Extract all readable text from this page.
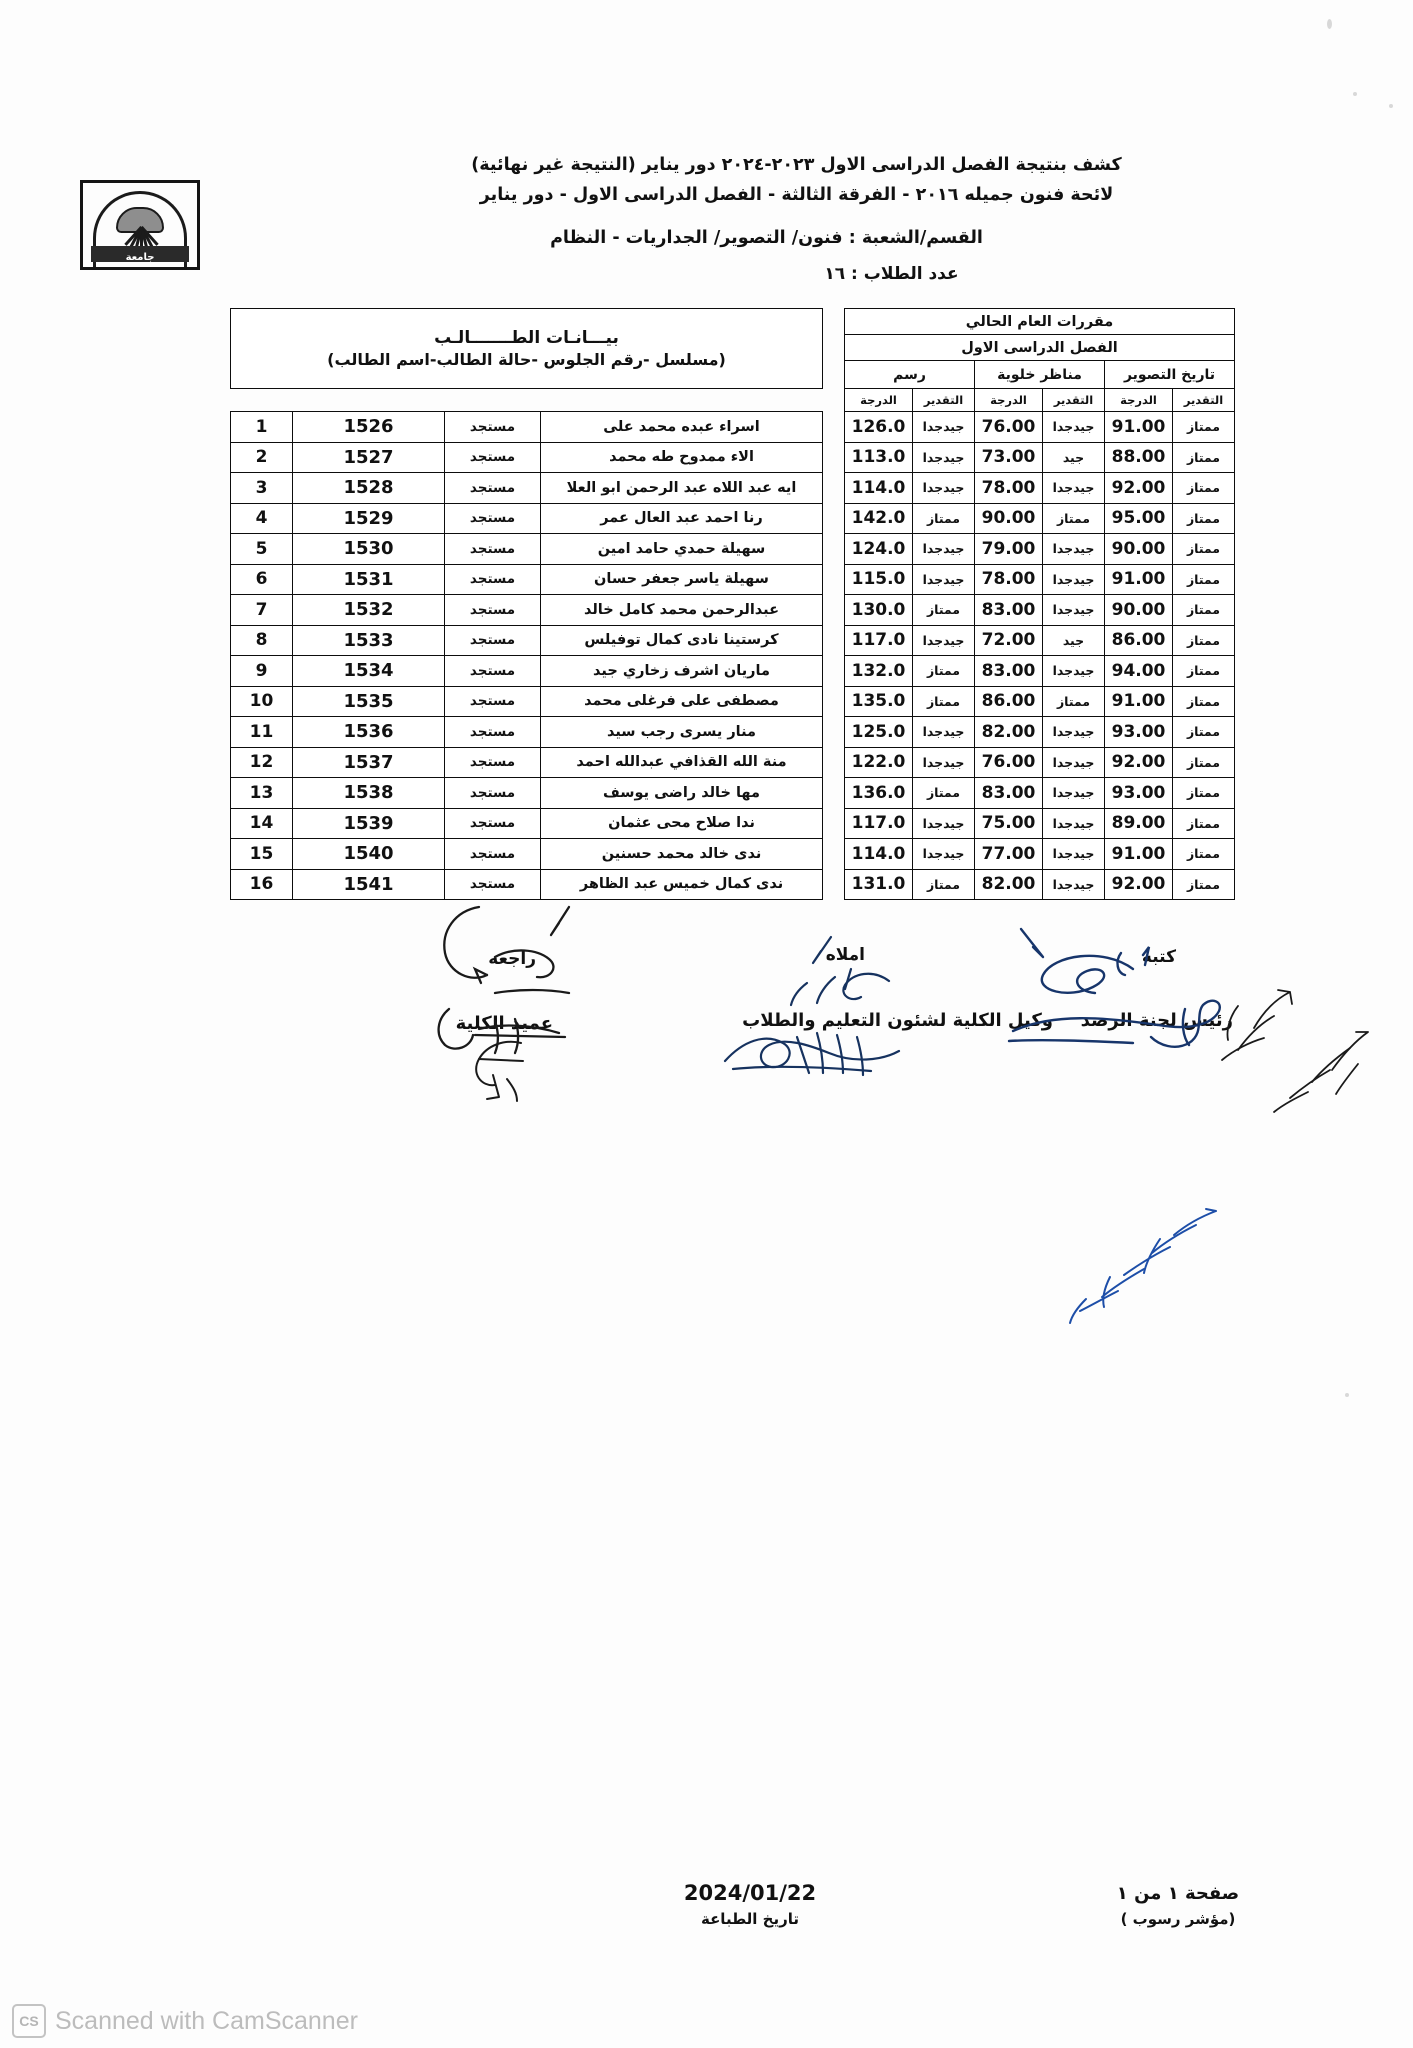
جامعة
كشف بنتيجة الفصل الدراسى الاول ٢٠٢٣-٢٠٢٤ دور يناير (النتيجة غير نهائية)
لائحة فنون جميله ٢٠١٦ - الفرقة الثالثة - الفصل الدراسى الاول - دور يناير
القسم/الشعبة : فنون/ التصوير/ الجداريات - النظام
عدد الطلاب : ١٦
مقررات العام الحالي							بيـــانـات الطـــــــالـب
(مسلسل -رقم الجلوس -حالة الطالب-اسم الطالب)			

الفصل الدراسى الاول										
تاريخ التصوير		مناظر خلوية		رسم						
التقدير	الدرجة	التقدير	الدرجة	التقدير	الدرجة					
ممتاز	91.00	جيدجدا	76.00	جيدجدا	126.0		اسراء عبده محمد على	مستجد	1526	1
ممتاز	88.00	جيد	73.00	جيدجدا	113.0		الاء ممدوح طه محمد	مستجد	1527	2
ممتاز	92.00	جيدجدا	78.00	جيدجدا	114.0		ايه عبد اللاه عبد الرحمن ابو العلا	مستجد	1528	3
ممتاز	95.00	ممتاز	90.00	ممتاز	142.0		رنا احمد عبد العال عمر	مستجد	1529	4
ممتاز	90.00	جيدجدا	79.00	جيدجدا	124.0		سهيلة حمدي حامد امين	مستجد	1530	5
ممتاز	91.00	جيدجدا	78.00	جيدجدا	115.0		سهيلة ياسر جعفر حسان	مستجد	1531	6
ممتاز	90.00	جيدجدا	83.00	ممتاز	130.0		عبدالرحمن محمد كامل خالد	مستجد	1532	7
ممتاز	86.00	جيد	72.00	جيدجدا	117.0		كرستينا نادى كمال توفيلس	مستجد	1533	8
ممتاز	94.00	جيدجدا	83.00	ممتاز	132.0		ماريان اشرف زخاري جيد	مستجد	1534	9
ممتاز	91.00	ممتاز	86.00	ممتاز	135.0		مصطفى على فرغلى محمد	مستجد	1535	10
ممتاز	93.00	جيدجدا	82.00	جيدجدا	125.0		منار يسرى رجب سيد	مستجد	1536	11
ممتاز	92.00	جيدجدا	76.00	جيدجدا	122.0		منة الله القذافي عبدالله احمد	مستجد	1537	12
ممتاز	93.00	جيدجدا	83.00	ممتاز	136.0		مها خالد راضى يوسف	مستجد	1538	13
ممتاز	89.00	جيدجدا	75.00	جيدجدا	117.0		ندا صلاح محى عثمان	مستجد	1539	14
ممتاز	91.00	جيدجدا	77.00	جيدجدا	114.0		ندى خالد محمد حسنين	مستجد	1540	15
ممتاز	92.00	جيدجدا	82.00	ممتاز	131.0		ندى كمال خميس عبد الظاهر	مستجد	1541	16
كتبه
املاه
راجعه
رئيس لجنة الرصد
وكيل الكلية لشئون التعليم والطلاب
عميد الكلية
2024/01/22
تاريخ الطباعة
صفحة ١ من ١
(مؤشر رسوب )
CS Scanned with CamScanner
